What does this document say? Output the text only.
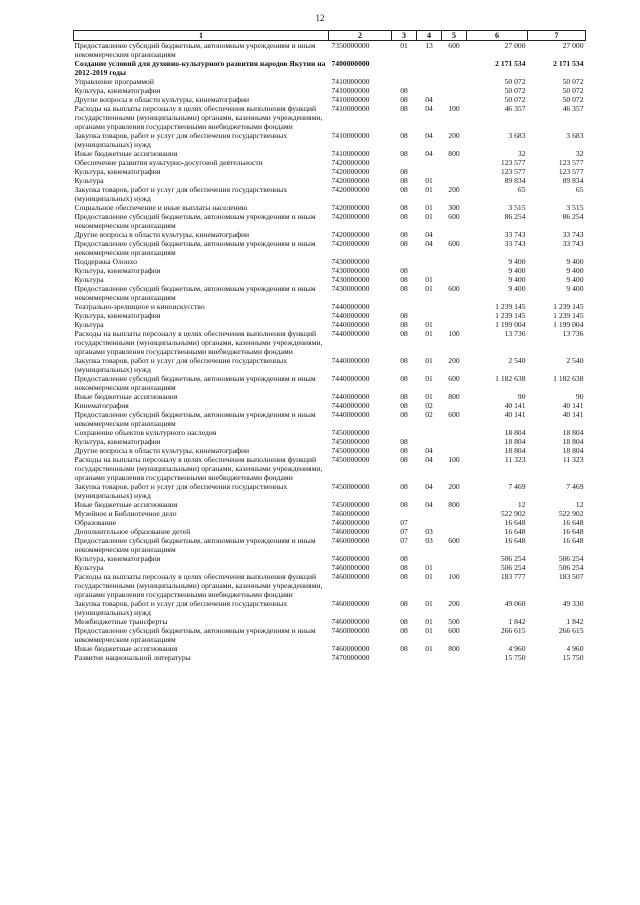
12
1	2	3	4	5	6	7
Предоставление субсидий бюджетным, автономным учреждениям и иным некоммерческим организациям	7350000000	01	13	600	27 000	27 000
Создание условий для духовно-культурного развития народов Якутии на 2012-2019 годы	7400000000				2 171 534	2 171 534
Управление программой	7410000000				50 072	50 072
Культура, кинематография	7410000000	08			50 072	50 072
Другие вопросы в области культуры, кинематографии	7410000000	08	04		50 072	50 072
Расходы на выплаты персоналу в целях обеспечения выполнения функций государственными (муниципальными) органами, казенными учреждениями, органами управления государственными внебюджетными фондами	7410000000	08	04	100	46 357	46 357
Закупка товаров, работ и услуг для обеспечения государственных (муниципальных) нужд	7410000000	08	04	200	3 683	3 683
Иные бюджетные ассигнования	7410000000	08	04	800	32	32
Обеспечение развития культурно-досуговой деятельности	7420000000				123 577	123 577
Культура, кинематография	7420000000	08			123 577	123 577
Культура	7420000000	08	01		89 834	89 834
Закупка товаров, работ и услуг для обеспечения государственных (муниципальных) нужд	7420000000	08	01	200	65	65
Социальное обеспечение и иные выплаты населению	7420000000	08	01	300	3 515	3 515
Предоставление субсидий бюджетным, автономным учреждениям и иным некоммерческим организациям	7420000000	08	01	600	86 254	86 254
Другие вопросы в области культуры, кинематографии	7420000000	08	04		33 743	33 743
Предоставление субсидий бюджетным, автономным учреждениям и иным некоммерческим организациям	7420000000	08	04	600	33 743	33 743
Поддержка Олонхо	7430000000				9 400	9 400
Культура, кинематография	7430000000	08			9 400	9 400
Культура	7430000000	08	01		9 400	9 400
Предоставление субсидий бюджетным, автономным учреждениям и иным некоммерческим организациям	7430000000	08	01	600	9 400	9 400
Театрально-зрелищное и киноискусство	7440000000				1 239 145	1 239 145
Культура, кинематография	7440000000	08			1 239 145	1 239 145
Культура	7440000000	08	01		1 199 004	1 199 004
Расходы на выплаты персоналу в целях обеспечения выполнения функций государственными (муниципальными) органами, казенными учреждениями, органами управления государственными внебюджетными фондами	7440000000	08	01	100	13 736	13 736
Закупка товаров, работ и услуг для обеспечения государственных (муниципальных) нужд	7440000000	08	01	200	2 540	2 540
Предоставление субсидий бюджетным, автономным учреждениям и иным некоммерческим организациям	7440000000	08	01	600	1 182 638	1 182 638
Иные бюджетные ассигнования	7440000000	08	01	800	90	90
Кинематография	7440000000	08	02		40 141	40 141
Предоставление субсидий бюджетным, автономным учреждениям и иным некоммерческим организациям	7440000000	08	02	600	40 141	40 141
Сохранение объектов культурного наследия	7450000000				18 804	18 804
Культура, кинематография	7450000000	08			18 804	18 804
Другие вопросы в области культуры, кинематографии	7450000000	08	04		18 804	18 804
Расходы на выплаты персоналу в целях обеспечения выполнения функций государственными (муниципальными) органами, казенными учреждениями, органами управления государственными внебюджетными фондами	7450000000	08	04	100	11 323	11 323
Закупка товаров, работ и услуг для обеспечения государственных (муниципальных) нужд	7450000000	08	04	200	7 469	7 469
Иные бюджетные ассигнования	7450000000	08	04	800	12	12
Музейное и Библиотечное дело	7460000000				522 902	522 902
Образование	7460000000	07			16 648	16 648
Дополнительное образование детей	7460000000	07	03		16 648	16 648
Предоставление субсидий бюджетным, автономным учреждениям и иным некоммерческим организациям	7460000000	07	03	600	16 648	16 648
Культура, кинематография	7460000000	08			506 254	506 254
Культура	7460000000	08	01		506 254	506 254
Расходы на выплаты персоналу в целях обеспечения выполнения функций государственными (муниципальными) органами, казенными учреждениями, органами управления государственными внебюджетными фондами	7460000000	08	01	100	183 777	183 507
Закупка товаров, работ и услуг для обеспечения государственных (муниципальных) нужд	7460000000	08	01	200	49 060	49 330
Межбюджетные трансферты	7460000000	08	01	500	1 842	1 842
Предоставление субсидий бюджетным, автономным учреждениям и иным некоммерческим организациям	7460000000	08	01	600	266 615	266 615
Иные бюджетные ассигнования	7460000000	08	01	800	4 960	4 960
Развитие национальной литературы	7470000000				15 750	15 750
